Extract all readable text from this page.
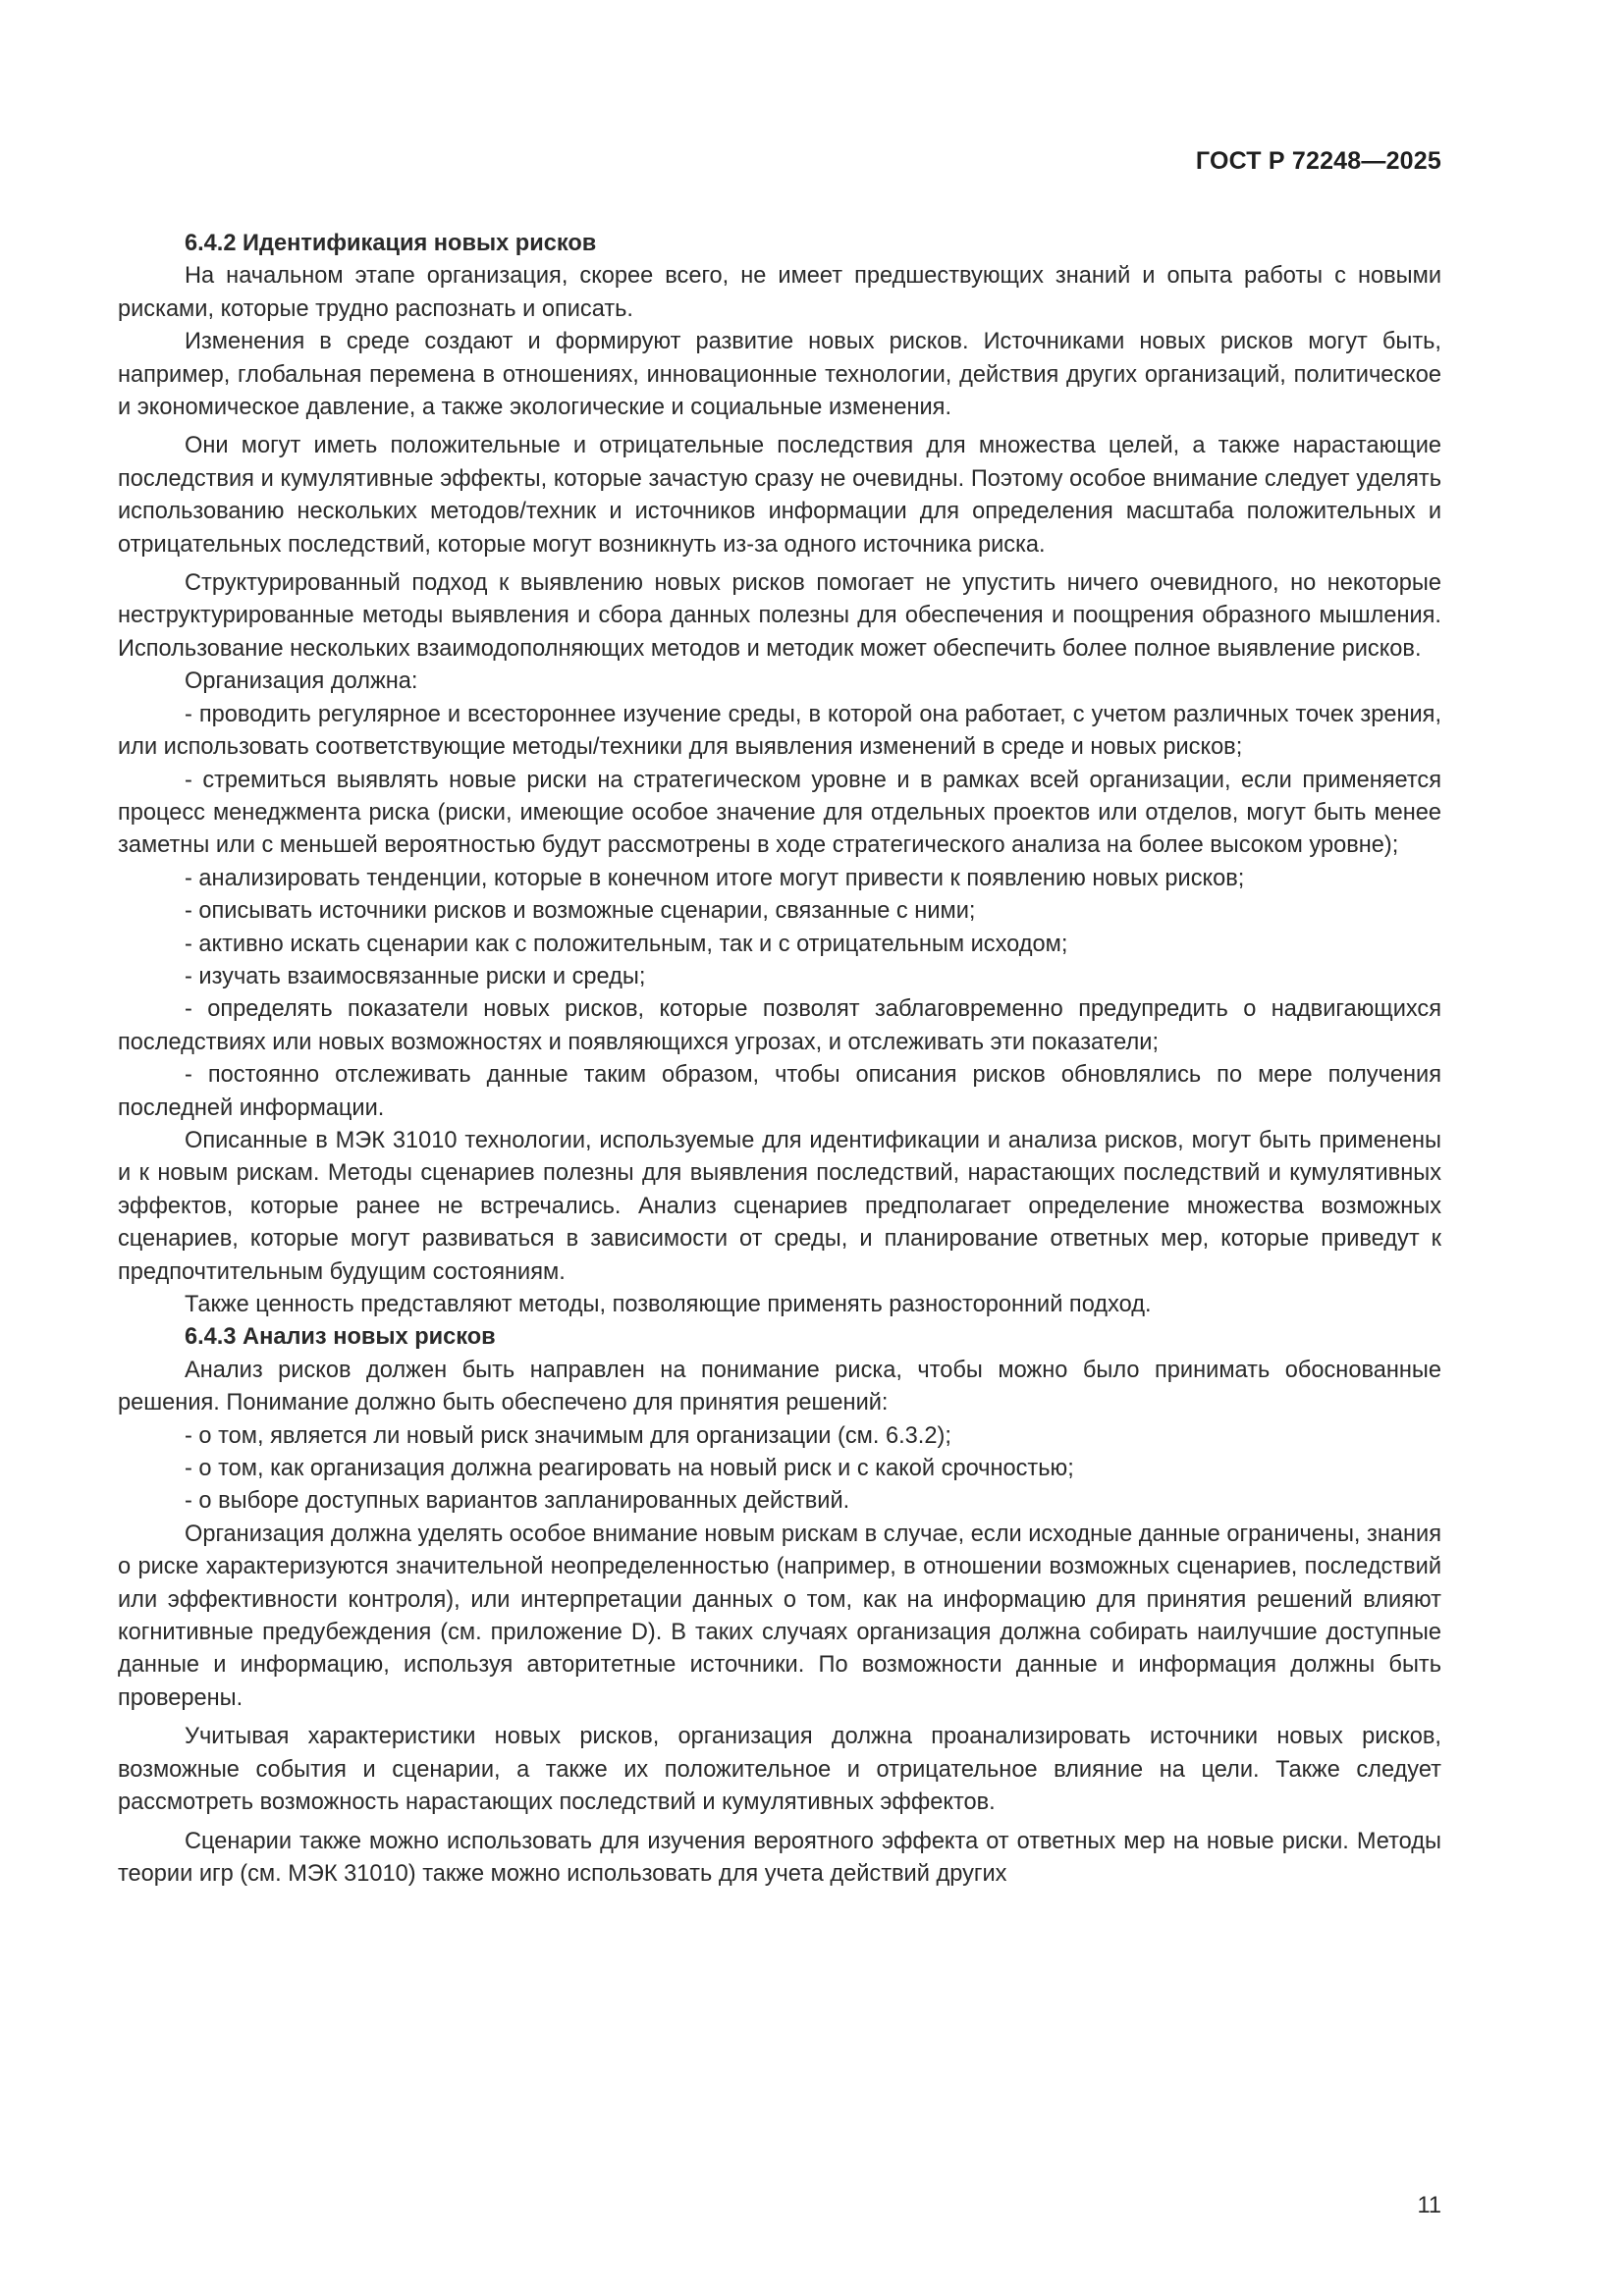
ГОСТ Р 72248—2025

6.4.2 Идентификация новых рисков

На начальном этапе организация, скорее всего, не имеет предшествующих знаний и опыта работы с новыми рисками, которые трудно распознать и описать.

Изменения в среде создают и формируют развитие новых рисков. Источниками новых рисков могут быть, например, глобальная перемена в отношениях, инновационные технологии, действия других организаций, политическое и экономическое давление, а также экологические и социальные изменения.

Они могут иметь положительные и отрицательные последствия для множества целей, а также нарастающие последствия и кумулятивные эффекты, которые зачастую сразу не очевидны. Поэтому особое внимание следует уделять использованию нескольких методов/техник и источников информации для определения масштаба положительных и отрицательных последствий, которые могут возникнуть из-за одного источника риска.

Структурированный подход к выявлению новых рисков помогает не упустить ничего очевидного, но некоторые неструктурированные методы выявления и сбора данных полезны для обеспечения и поощрения образного мышления. Использование нескольких взаимодополняющих методов и методик может обеспечить более полное выявление рисков.

Организация должна:

- проводить регулярное и всестороннее изучение среды, в которой она работает, с учетом различных точек зрения, или использовать соответствующие методы/техники для выявления изменений в среде и новых рисков;

- стремиться выявлять новые риски на стратегическом уровне и в рамках всей организации, если применяется процесс менеджмента риска (риски, имеющие особое значение для отдельных проектов или отделов, могут быть менее заметны или с меньшей вероятностью будут рассмотрены в ходе стратегического анализа на более высоком уровне);

- анализировать тенденции, которые в конечном итоге могут привести к появлению новых рисков;

- описывать источники рисков и возможные сценарии, связанные с ними;

- активно искать сценарии как с положительным, так и с отрицательным исходом;

- изучать взаимосвязанные риски и среды;

- определять показатели новых рисков, которые позволят заблаговременно предупредить о надвигающихся последствиях или новых возможностях и появляющихся угрозах, и отслеживать эти показатели;

- постоянно отслеживать данные таким образом, чтобы описания рисков обновлялись по мере получения последней информации.

Описанные в МЭК 31010 технологии, используемые для идентификации и анализа рисков, могут быть применены и к новым рискам. Методы сценариев полезны для выявления последствий, нарастающих последствий и кумулятивных эффектов, которые ранее не встречались. Анализ сценариев предполагает определение множества возможных сценариев, которые могут развиваться в зависимости от среды, и планирование ответных мер, которые приведут к предпочтительным будущим состояниям.

Также ценность представляют методы, позволяющие применять разносторонний подход.

6.4.3 Анализ новых рисков

Анализ рисков должен быть направлен на понимание риска, чтобы можно было принимать обоснованные решения. Понимание должно быть обеспечено для принятия решений:

- о том, является ли новый риск значимым для организации (см. 6.3.2);

- о том, как организация должна реагировать на новый риск и с какой срочностью;

- о выборе доступных вариантов запланированных действий.

Организация должна уделять особое внимание новым рискам в случае, если исходные данные ограничены, знания о риске характеризуются значительной неопределенностью (например, в отношении возможных сценариев, последствий или эффективности контроля), или интерпретации данных о том, как на информацию для принятия решений влияют когнитивные предубеждения (см. приложение D). В таких случаях организация должна собирать наилучшие доступные данные и информацию, используя авторитетные источники. По возможности данные и информация должны быть проверены.

Учитывая характеристики новых рисков, организация должна проанализировать источники новых рисков, возможные события и сценарии, а также их положительное и отрицательное влияние на цели. Также следует рассмотреть возможность нарастающих последствий и кумулятивных эффектов.

Сценарии также можно использовать для изучения вероятного эффекта от ответных мер на новые риски. Методы теории игр (см. МЭК 31010) также можно использовать для учета действий других

11
